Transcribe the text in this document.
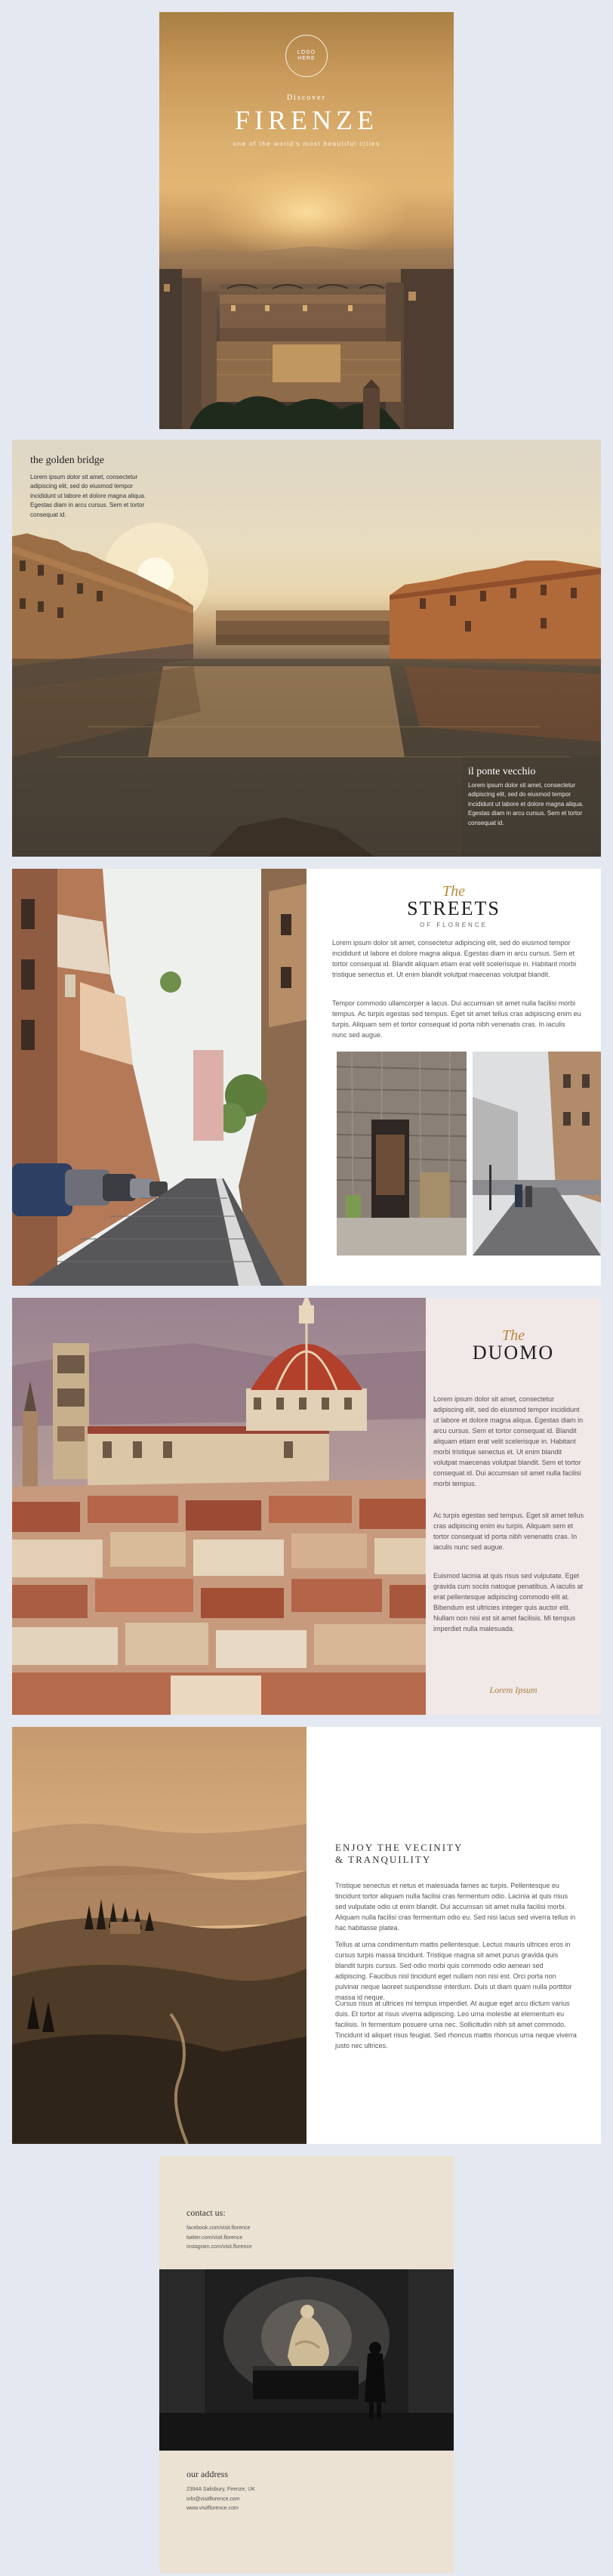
LOGO
HERE
Discover
FIRENZE
one of the world's most beautiful cities
the golden bridge

Lorem ipsum dolor sit amet, consectetur adipiscing elit, sed do eiusmod tempor incididunt ut labore et dolore magna aliqua. Egestas diam in arcu cursus. Sem et tortor consequat id.

il ponte vecchio

Lorem ipsum dolor sit amet, consectetur adipiscing elit, sed do eiusmod tempor incididunt ut labore et dolore magna aliqua. Egestas diam in arcu cursus. Sem et tortor consequat id.

The
STREETS
OF FLORENCE

Lorem ipsum dolor sit amet, consectetur adipiscing elit, sed do eiusmod tempor incididunt ut labore et dolore magna aliqua. Egestas diam in arcu cursus. Sem et tortor consequat id. Blandit aliquam etiam erat velit scelerisque in. Habitant morbi tristique senectus et. Ut enim blandit volutpat maecenas volutpat blandit.

Tempor commodo ullamcorper a lacus. Dui accumsan sit amet nulla facilisi morbi tempus. Ac turpis egestas sed tempus. Eget sit amet tellus cras adipiscing enim eu turpis. Aliquam sem et tortor consequat id porta nibh venenatis cras. In iaculis nunc sed augue.

The
DUOMO

Lorem ipsum dolor sit amet, consectetur adipiscing elit, sed do eiusmod tempor incididunt ut labore et dolore magna aliqua. Egestas diam in arcu cursus. Sem et tortor consequat id. Blandit aliquam etiam erat velit scelerisque in. Habitant morbi tristique senectus et. Ut enim blandit volutpat maecenas volutpat blandit. Sem et tortor consequat id. Dui accumsan sit amet nulla facilisi morbi tempus.

Ac turpis egestas sed tempus. Eget sit amet tellus cras adipiscing enim eu turpis. Aliquam sem et tortor consequat id porta nibh venenatis cras. In iaculis nunc sed augue.

Euismod lacinia at quis risus sed vulputate. Eget gravida cum sociis natoque penatibus. A iaculis at erat pellentesque adipiscing commodo elit at. Bibendum est ultricies integer quis auctor elit. Nullam non nisi est sit amet facilisis. Mi tempus imperdiet nulla malesuada.

Lorem Ipsum
ENJOY THE VECINITY
& TRANQUILITY

Tristique senectus et netus et malesuada fames ac turpis. Pellentesque eu tincidunt tortor aliquam nulla facilisi cras fermentum odio. Lacinia at quis risus sed vulputate odio ut enim blandit. Dui accumsan sit amet nulla facilisi morbi. Aliquam nulla facilisi cras fermentum odio eu. Sed nisi lacus sed viverra tellus in hac habitasse platea.

Tellus at urna condimentum mattis pellentesque. Lectus mauris ultrices eros in cursus turpis massa tincidunt. Tristique magna sit amet purus gravida quis blandit turpis cursus. Sed odio morbi quis commodo odio aenean sed adipiscing. Faucibus nisl tincidunt eget nullam non nisi est. Orci porta non pulvinar neque laoreet suspendisse interdum. Duis ut diam quam nulla porttitor massa id neque.

Cursus risus at ultrices mi tempus imperdiet. At augue eget arcu dictum varius duis. Et tortor at risus viverra adipiscing. Leo urna molestie at elementum eu facilisis. In fermentum posuere urna nec. Sollicitudin nibh sit amet commodo. Tincidunt id aliquet risus feugiat. Sed rhoncus mattis rhoncus urna neque viverra justo nec ultrices.

contact us:
facebook.com/visit.florence
twitter.com/visit.florence
instagram.com/visit.florence
our address
2394A Salisbury, Firenze, UK
info@visitflorence.com
www.visitflorence.com
